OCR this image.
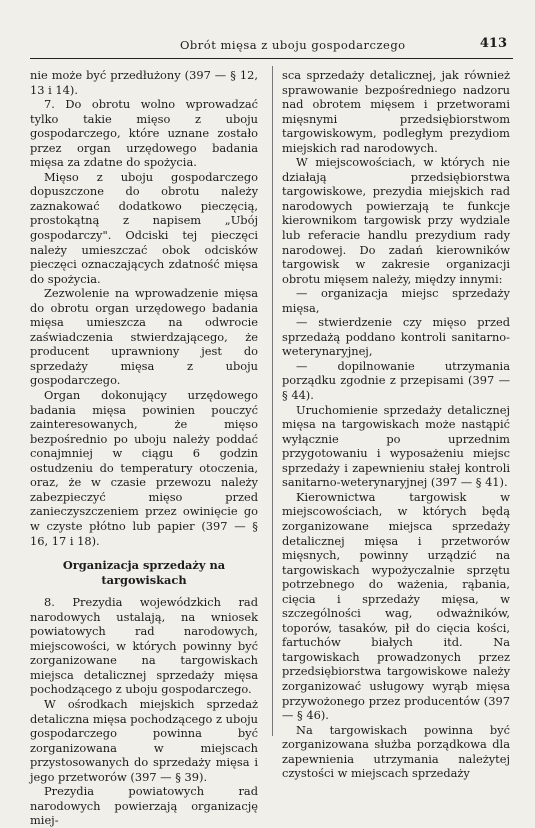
Obrót mięsa z uboju gospodarczego	413

nie może być przedłużony (397 — § 12, 13 i 14).

7. Do obrotu wolno wprowadzać tylko takie mięso z uboju gospodarczego, które uznane zostało przez organ urzędowego badania mięsa za zdatne do spożycia.

Mięso z uboju gospodarczego dopuszczone do obrotu należy zaznakować dodatkowo pieczęcią, prostokątną z napisem „Ubój gospodarczy". Odciski tej pieczęci należy umieszczać obok odcisków pieczęci oznaczających zdatność mięsa do spożycia.

Zezwolenie na wprowadzenie mięsa do obrotu organ urzędowego badania mięsa umieszcza na odwrocie zaświadczenia stwierdzającego, że producent uprawniony jest do sprzedaży mięsa z uboju gospodarczego.

Organ dokonujący urzędowego badania mięsa powinien pouczyć zainteresowanych, że mięso bezpośrednio po uboju należy poddać conajmniej w ciągu 6 godzin ostudzeniu do temperatury otoczenia, oraz, że w czasie przewozu należy zabezpieczyć mięso przed zanieczyszczeniem przez owinięcie go w czyste płótno lub papier (397 — § 16, 17 i 18).

Organizacja sprzedaży na targowiskach

8. Prezydia wojewódzkich rad narodowych ustalają, na wniosek powiatowych rad narodowych, miejscowości, w których powinny być zorganizowane na targowiskach miejsca detalicznej sprzedaży mięsa pochodzącego z uboju gospodarczego.

W ośrodkach miejskich sprzedaż detaliczna mięsa pochodzącego z uboju gospodarczego powinna być zorganizowana w miejscach przystosowanych do sprzedaży mięsa i jego przetworów (397 — § 39).

Prezydia powiatowych rad narodowych powierzają organizację miej-

sca sprzedaży detalicznej, jak również sprawowanie bezpośredniego nadzoru nad obrotem mięsem i przetworami mięsnymi przedsiębiorstwom targowiskowym, podległym prezydiom miejskich rad narodowych.

W miejscowościach, w których nie działają przedsiębiorstwa targowiskowe, prezydia miejskich rad narodowych powierzają te funkcje kierownikom targowisk przy wydziale lub referacie handlu prezydium rady narodowej. Do zadań kierowników targowisk w zakresie organizacji obrotu mięsem należy, między innymi:

— organizacja miejsc sprzedaży mięsa,

— stwierdzenie czy mięso przed sprzedażą poddano kontroli sanitarno-weterynaryjnej,

— dopilnowanie utrzymania porządku zgodnie z przepisami (397 — § 44).

Uruchomienie sprzedaży detalicznej mięsa na targowiskach może nastąpić wyłącznie po uprzednim przygotowaniu i wyposażeniu miejsc sprzedaży i zapewnieniu stałej kontroli sanitarno-weterynaryjnej (397 — § 41).

Kierownictwa targowisk w miejscowościach, w których będą zorganizowane miejsca sprzedaży detalicznej mięsa i przetworów mięsnych, powinny urządzić na targowiskach wypożyczalnie sprzętu potrzebnego do ważenia, rąbania, cięcia i sprzedaży mięsa, w szczególności wag, odważników, toporów, tasaków, pił do cięcia kości, fartuchów białych itd. Na targowiskach prowadzonych przez przedsiębiorstwa targowiskowe należy zorganizować usługowy wyrąb mięsa przywożonego przez producentów (397 — § 46).

Na targowiskach powinna być zorganizowana służba porządkowa dla zapewnienia utrzymania należytej czystości w miejscach sprzedaży
